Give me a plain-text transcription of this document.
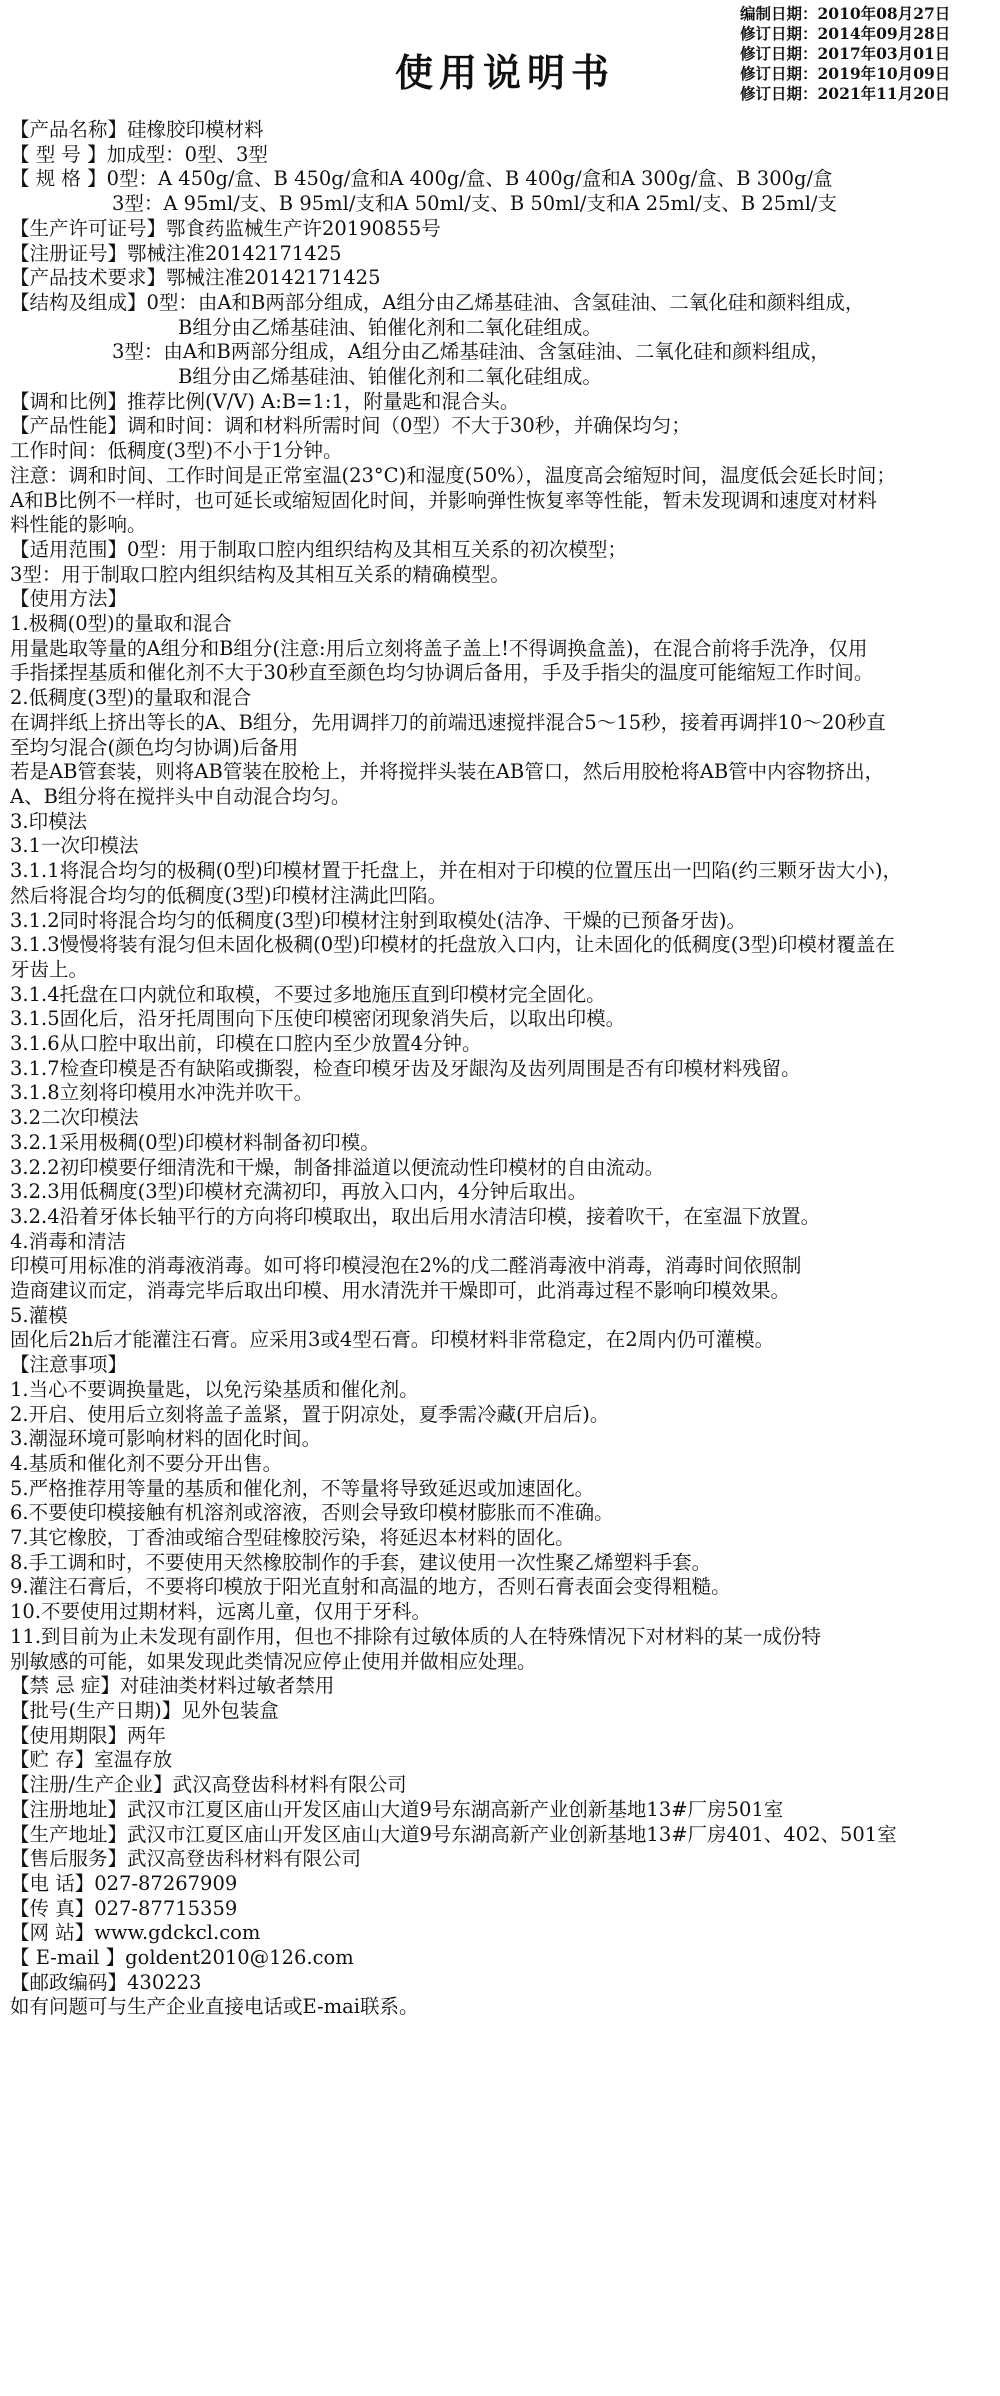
编制日期：2010年08月27日
修订日期：2014年09月28日
修订日期：2017年03月01日
修订日期：2019年10月09日
修订日期：2021年11月20日
使用说明书
【产品名称】硅橡胶印模材料
【 型 号 】加成型：0型、3型
【 规 格 】0型：A 450g/盒、B 450g/盒和A 400g/盒、B 400g/盒和A 300g/盒、B 300g/盒
3型：A 95ml/支、B 95ml/支和A 50ml/支、B 50ml/支和A 25ml/支、B 25ml/支
【生产许可证号】鄂食药监械生产许20190855号
【注册证号】鄂械注准20142171425
【产品技术要求】鄂械注准20142171425
【结构及组成】0型：由A和B两部分组成，A组分由乙烯基硅油、含氢硅油、二氧化硅和颜料组成，
B组分由乙烯基硅油、铂催化剂和二氧化硅组成。
3型：由A和B两部分组成，A组分由乙烯基硅油、含氢硅油、二氧化硅和颜料组成，
B组分由乙烯基硅油、铂催化剂和二氧化硅组成。
【调和比例】推荐比例(V/V) A:B=1:1，附量匙和混合头。
【产品性能】调和时间：调和材料所需时间（0型）不大于30秒，并确保均匀；
工作时间：低稠度(3型)不小于1分钟。
注意：调和时间、工作时间是正常室温(23°C)和湿度(50%），温度高会缩短时间，温度低会延长时间；
A和B比例不一样时，也可延长或缩短固化时间，并影响弹性恢复率等性能，暂未发现调和速度对材料
料性能的影响。
【适用范围】0型：用于制取口腔内组织结构及其相互关系的初次模型；
3型：用于制取口腔内组织结构及其相互关系的精确模型。
【使用方法】
1.极稠(0型)的量取和混合
用量匙取等量的A组分和B组分(注意:用后立刻将盖子盖上!不得调换盒盖)，在混合前将手洗净，仅用
手指揉捏基质和催化剂不大于30秒直至颜色均匀协调后备用，手及手指尖的温度可能缩短工作时间。
2.低稠度(3型)的量取和混合
在调拌纸上挤出等长的A、B组分，先用调拌刀的前端迅速搅拌混合5～15秒，接着再调拌10～20秒直
至均匀混合(颜色均匀协调)后备用
若是AB管套装，则将AB管装在胶枪上，并将搅拌头装在AB管口，然后用胶枪将AB管中内容物挤出，
A、B组分将在搅拌头中自动混合均匀。
3.印模法
3.1一次印模法
3.1.1将混合均匀的极稠(0型)印模材置于托盘上，并在相对于印模的位置压出一凹陷(约三颗牙齿大小)，
然后将混合均匀的低稠度(3型)印模材注满此凹陷。
3.1.2同时将混合均匀的低稠度(3型)印模材注射到取模处(洁净、干燥的已预备牙齿)。
3.1.3慢慢将装有混匀但未固化极稠(0型)印模材的托盘放入口内，让未固化的低稠度(3型)印模材覆盖在
牙齿上。
3.1.4托盘在口内就位和取模，不要过多地施压直到印模材完全固化。
3.1.5固化后，沿牙托周围向下压使印模密闭现象消失后，以取出印模。
3.1.6从口腔中取出前，印模在口腔内至少放置4分钟。
3.1.7检查印模是否有缺陷或撕裂，检查印模牙齿及牙龈沟及齿列周围是否有印模材料残留。
3.1.8立刻将印模用水冲洗并吹干。
3.2二次印模法
3.2.1采用极稠(0型)印模材料制备初印模。
3.2.2初印模要仔细清洗和干燥，制备排溢道以便流动性印模材的自由流动。
3.2.3用低稠度(3型)印模材充满初印，再放入口内，4分钟后取出。
3.2.4沿着牙体长轴平行的方向将印模取出，取出后用水清洁印模，接着吹干，在室温下放置。
4.消毒和清洁
印模可用标准的消毒液消毒。如可将印模浸泡在2%的戊二醛消毒液中消毒，消毒时间依照制
造商建议而定，消毒完毕后取出印模、用水清洗并干燥即可，此消毒过程不影响印模效果。
5.灌模
固化后2h后才能灌注石膏。应采用3或4型石膏。印模材料非常稳定，在2周内仍可灌模。
【注意事项】
1.当心不要调换量匙，以免污染基质和催化剂。
2.开启、使用后立刻将盖子盖紧，置于阴凉处，夏季需冷藏(开启后)。
3.潮湿环境可影响材料的固化时间。
4.基质和催化剂不要分开出售。
5.严格推荐用等量的基质和催化剂，不等量将导致延迟或加速固化。
6.不要使印模接触有机溶剂或溶液，否则会导致印模材膨胀而不准确。
7.其它橡胶，丁香油或缩合型硅橡胶污染，将延迟本材料的固化。
8.手工调和时，不要使用天然橡胶制作的手套，建议使用一次性聚乙烯塑料手套。
9.灌注石膏后，不要将印模放于阳光直射和高温的地方，否则石膏表面会变得粗糙。
10.不要使用过期材料，远离儿童，仅用于牙科。
11.到目前为止未发现有副作用，但也不排除有过敏体质的人在特殊情况下对材料的某一成份特
别敏感的可能，如果发现此类情况应停止使用并做相应处理。
【禁 忌 症】对硅油类材料过敏者禁用
【批号(生产日期)】见外包装盒
【使用期限】两年
【贮 存】室温存放
【注册/生产企业】武汉高登齿科材料有限公司
【注册地址】武汉市江夏区庙山开发区庙山大道9号东湖高新产业创新基地13#厂房501室
【生产地址】武汉市江夏区庙山开发区庙山大道9号东湖高新产业创新基地13#厂房401、402、501室
【售后服务】武汉高登齿科材料有限公司
【电 话】027-87267909
【传 真】027-87715359
【网 站】www.gdckcl.com
【 E-mail 】goldent2010@126.com
【邮政编码】430223
如有问题可与生产企业直接电话或E-mai联系。
